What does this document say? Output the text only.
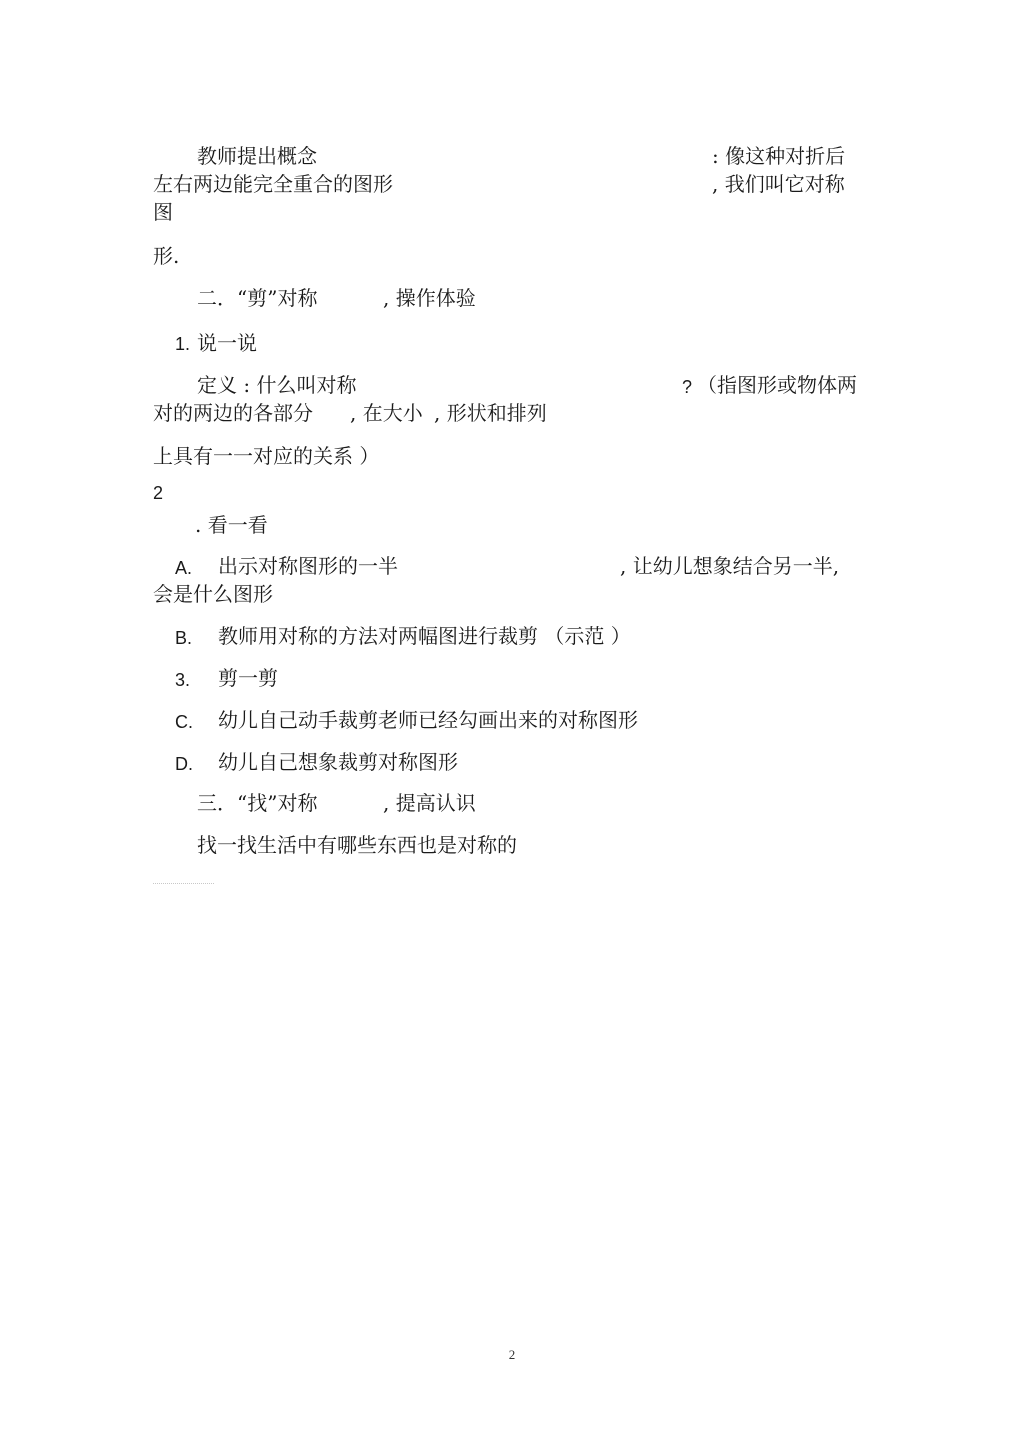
教师提出概念	: 像这种对折后
左右两边能完全重合的图形	, 我们叫它对称
图
形.
二．“剪”对称	, 操作体验
1. 说一说
定义 : 什么叫对称	? （指图形或物体两
对的两边的各部分 , 在大小 , 形状和排列
上具有一一对应的关系 ）
2
. 看一看
A. 出示对称图形的一半	, 让幼儿想象结合另一半,
会是什么图形
B. 教师用对称的方法对两幅图进行裁剪 （示范 ）
3. 剪一剪
C. 幼儿自己动手裁剪老师已经勾画出来的对称图形
D. 幼儿自己想象裁剪对称图形
三．“找”对称	, 提高认识
找一找生活中有哪些东西也是对称的
2
